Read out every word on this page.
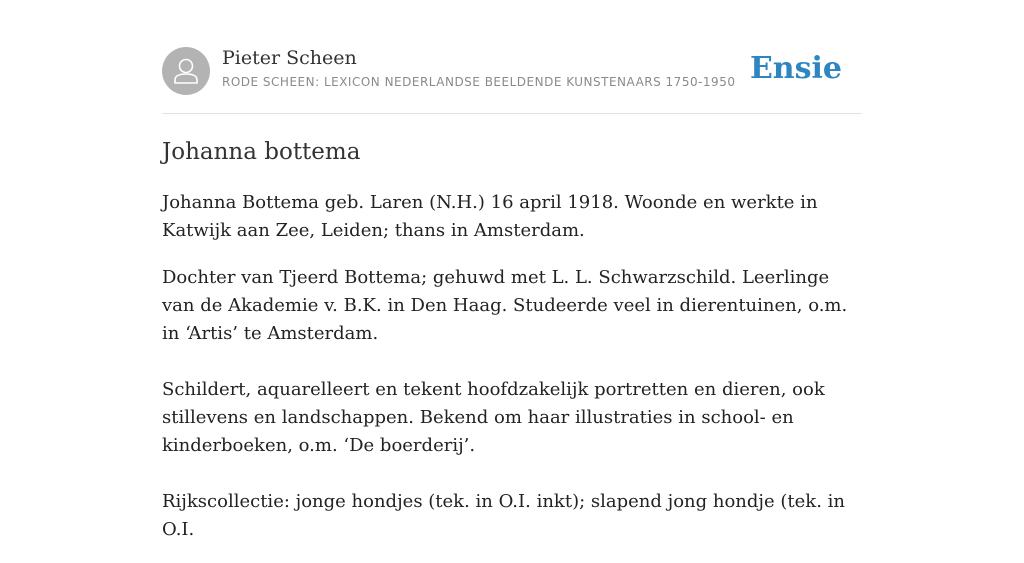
Pieter Scheen
RODE SCHEEN: LEXICON NEDERLANDSE BEELDENDE KUNSTENAARS 1750-1950 Ensie
Johanna bottema

Johanna Bottema geb. Laren (N.H.) 16 april 1918. Woonde en werkte in Katwijk aan Zee, Leiden; thans in Amsterdam.

Dochter van Tjeerd Bottema; gehuwd met L. L. Schwarzschild. Leerlinge van de Akademie v. B.K. in Den Haag. Studeerde veel in dierentuinen, o.m. in ‘Artis’ te Amsterdam.

Schildert, aquarelleert en tekent hoofdzakelijk portretten en dieren, ook stillevens en landschappen. Bekend om haar illustraties in school- en kinderboeken, o.m. ‘De boerderij’.

Rijkscollectie: jonge hondjes (tek. in O.I. inkt); slapend jong hondje (tek. in O.I.
